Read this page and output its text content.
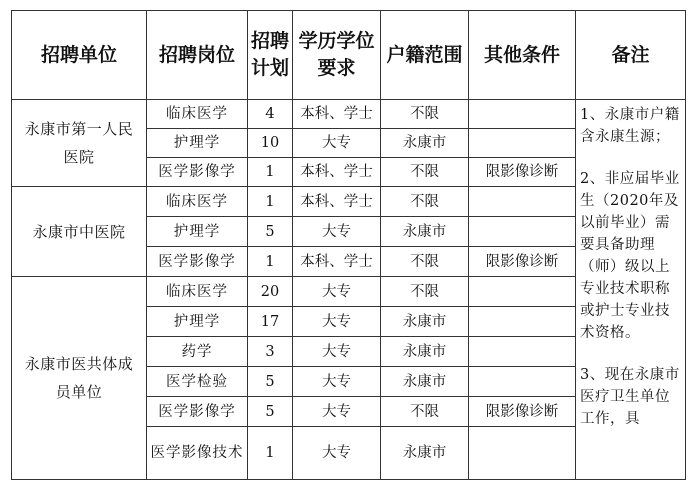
招聘单位	招聘岗位	招聘计划	学历学位要求	户籍范围	其他条件	备注
永康市第一人民医院	临床医学	4	本科、学士	不限		1、永康市户籍含永康生源；
2、非应届毕业生（2020年及以前毕业）需要具备助理（师）级以上专业技术职称或护士专业技术资格。
3、现在永康市医疗卫生单位工作，具

	护理学	10	大专	永康市		
	医学影像学	1	本科、学士	不限	限影像诊断	
永康市中医院	临床医学	1	本科、学士	不限		
	护理学	5	大专	永康市		
	医学影像学	1	本科、学士	不限	限影像诊断	
永康市医共体成员单位	临床医学	20	大专	不限		
	护理学	17	大专	永康市		
	药学	3	大专	永康市		
	医学检验	5	大专	永康市		
	医学影像学	5	大专	不限	限影像诊断	
	医学影像技术	1	大专	永康市		
